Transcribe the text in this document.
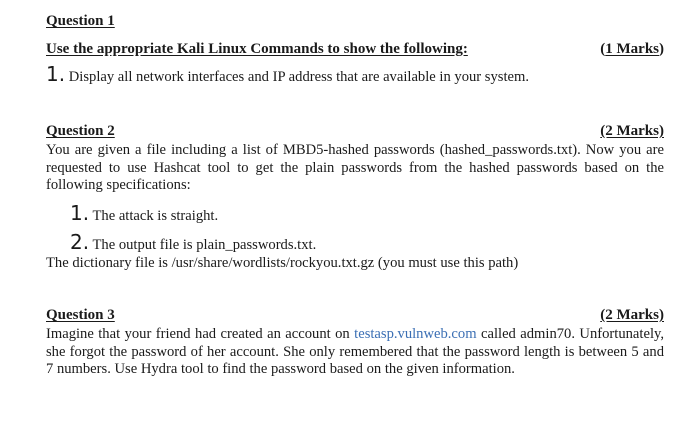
Question 1
Use the appropriate Kali Linux Commands to show the following:	(1 Marks)
1. Display all network interfaces and IP address that are available in your system.
Question 2	(2 Marks)
You are given a file including a list of MBD5-hashed passwords (hashed_passwords.txt). Now you are requested to use Hashcat tool to get the plain passwords from the hashed passwords based on the following specifications:
1. The attack is straight.
2. The output file is plain_passwords.txt.
The dictionary file is /usr/share/wordlists/rockyou.txt.gz (you must use this path)
Question 3	(2 Marks)
Imagine that your friend had created an account on testasp.vulnweb.com called admin70. Unfortunately, she forgot the password of her account. She only remembered that the password length is between 5 and 7 numbers. Use Hydra tool to find the password based on the given information.
